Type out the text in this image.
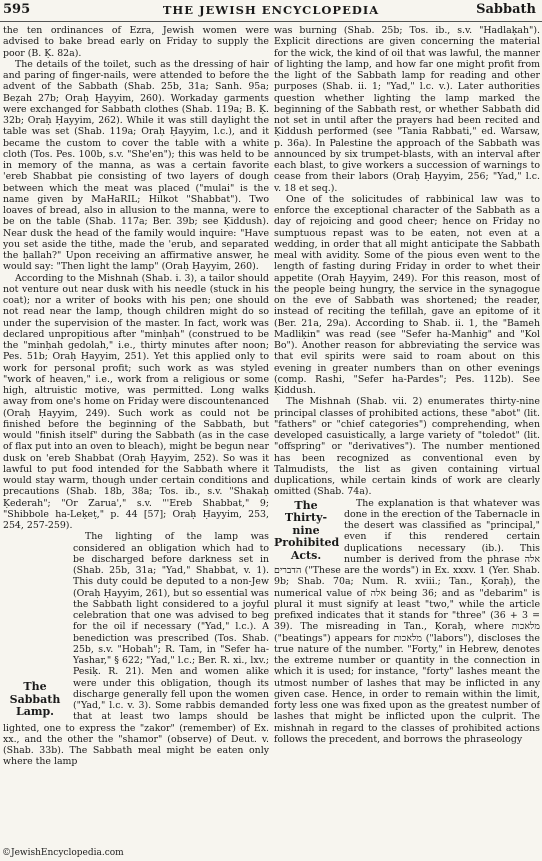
595	THE JEWISH ENCYCLOPEDIA	Sabbath

the ten ordinances of Ezra, Jewish women were advised to bake bread early on Friday to supply the poor (B. Ḳ. 82a).

The details of the toilet, such as the dressing of hair and paring of finger-nails, were attended to before the advent of the Sabbath (Shab. 25b, 31a; Sanh. 95a; Beẓah 27b; Oraḥ Ḥayyim, 260). Workaday garments were exchanged for Sabbath clothes (Shab. 119a; B. Ḳ. 32b; Oraḥ Ḥayyim, 262). While it was still daylight the table was set (Shab. 119a; Oraḥ Ḥayyim, l.c.), and it became the custom to cover the table with a white cloth (Tos. Pes. 100b, s.v. "She'en"); this was held to be in memory of the manna, as was a certain favorite 'ereb Shabbat pie consisting of two layers of dough between which the meat was placed ("mulai" is the name given by MaHaRIL; Hilkot "Shabbat"). Two loaves of bread, also in allusion to the manna, were to be on the table (Shab. 117a; Ber. 39b; see Ḳiddush). Near dusk the head of the family would inquire: "Have you set aside the tithe, made the 'erub, and separated the ḥallah?" Upon receiving an affirmative answer, he would say: "Then light the lamp" (Oraḥ Ḥayyim, 260).

According to the Mishnah (Shab. i. 3), a tailor should not venture out near dusk with his needle (stuck in his coat); nor a writer of books with his pen; one should not read near the lamp, though children might do so under the supervision of the master. In fact, work was declared unpropitious after "minḥah" (construed to be the "minḥah gedolah," i.e., thirty minutes after noon; Pes. 51b; Oraḥ Ḥayyim, 251). Yet this applied only to work for personal profit; such work as was styled "work of heaven," i.e., work from a religious or some high, altruistic motive, was permitted. Long walks away from one's home on Friday were discountenanced (Oraḥ Ḥayyim, 249). Such work as could not be finished before the beginning of the Sabbath, but would "finish itself" during the Sabbath (as in the case of flax put into an oven to bleach), might be begun near dusk on 'ereb Shabbat (Oraḥ Ḥayyim, 252). So was it lawful to put food intended for the Sabbath where it would stay warm, though under certain conditions and precautions (Shab. 18b, 38a; Tos. ib., s.v. "Shakaḥ Ḳederah"; "Or Zarua'," s.v. "'Ereb Shabbat," 9; "Shibbole ha-Leḳeṭ," p. 44 [57]; Oraḥ Ḥayyim, 253, 254, 257-259).

The
Sabbath
Lamp.

The lighting of the lamp was considered an obligation which had to be discharged before darkness set in (Shab. 25b, 31a; "Yad," Shabbat, v. 1). This duty could be deputed to a non-Jew (Oraḥ Ḥayyim, 261), but so essential was the Sabbath light considered to a joyful celebration that one was advised to beg for the oil if necessary ("Yad," l.c.). A benediction was prescribed (Tos. Shab. 25b, s.v. "Hobah"; R. Tam, in "Sefer ha-Yashar," § 622; "Yad," l.c.; Ber. R. xi., lxv.; Pesiḳ. R. 21). Men and women alike were under this obligation, though its discharge generally fell upon the women ("Yad," l.c. v. 3). Some rabbis demanded that at least two lamps should be lighted, one to express the "zakor" (remember) of Ex. xx., and the other the "shamor" (observe) of Deut. v. (Shab. 33b). The Sabbath meal might be eaten only where the lamp

was burning (Shab. 25b; Tos. ib., s.v. "Hadlaḳah"). Explicit directions are given concerning the material for the wick, the kind of oil that was lawful, the manner of lighting the lamp, and how far one might profit from the light of the Sabbath lamp for reading and other purposes (Shab. ii. 1; "Yad," l.c. v.). Later authorities question whether lighting the lamp marked the beginning of the Sabbath rest, or whether Sabbath did not set in until after the prayers had been recited and Ḳiddush performed (see "Tania Rabbati," ed. Warsaw, p. 36a). In Palestine the approach of the Sabbath was announced by six trumpet-blasts, with an interval after each blast, to give workers a succession of warnings to cease from their labors (Oraḥ Ḥayyim, 256; "Yad," l.c. v. 18 et seq.).

One of the solicitudes of rabbinical law was to enforce the exceptional character of the Sabbath as a day of rejoicing and good cheer; hence on Friday no sumptuous repast was to be eaten, not even at a wedding, in order that all might anticipate the Sabbath meal with avidity. Some of the pious even went to the length of fasting during Friday in order to whet their appetite (Oraḥ Ḥayyim, 249). For this reason, most of the people being hungry, the service in the synagogue on the eve of Sabbath was shortened; the reader, instead of reciting the tefillah, gave an epitome of it (Ber. 21a, 29a). According to Shab. ii. 1, the "Bameh Madliḳin" was read (see "Sefer ha-Manhig" and "Kol Bo"). Another reason for abbreviating the service was that evil spirits were said to roam about on this evening in greater numbers than on other evenings (comp. Rashi, "Sefer ha-Pardes"; Pes. 112b). See Ḳiddush.

The Mishnah (Shab. vii. 2) enumerates thirty-nine principal classes of prohibited actions, these "abot" (lit. "fathers" or "chief categories") comprehending, when developed casuistically, a large variety of "toledot" (lit. "offspring" or "derivatives"). The number mentioned has been recognized as conventional even by Talmudists, the list as given containing virtual duplications, while certain kinds of work are clearly omitted (Shab. 74a).

The Thirty-
nine
Prohibited
Acts.

The explanation is that whatever was done in the erection of the Tabernacle in the desert was classified as "principal," even if this rendered certain duplications necessary (ib.). This number is derived from the phrase אלה הדברים ("These are the words") in Ex. xxxv. 1 (Yer. Shab. 9b; Shab. 70a; Num. R. xviii.; Tan., Ḳoraḥ), the numerical value of אלה being 36; and as "debarim" is plural it must signify at least "two," while the article prefixed indicates that it stands for "three" (36 + 3 = 39). The misreading in Tan., Ḳoraḥ, where מלאכות ("beatings") appears for מלאכות ("labors"), discloses the true nature of the number. "Forty," in Hebrew, denotes the extreme number or quantity in the connection in which it is used; for instance, "forty" lashes meant the utmost number of lashes that may be inflicted in any given case. Hence, in order to remain within the limit, forty less one was fixed upon as the greatest number of lashes that might be inflicted upon the culprit. The mishnah in regard to the classes of prohibited actions follows the precedent, and borrows the phraseology

©JewishEncyclopedia.com
